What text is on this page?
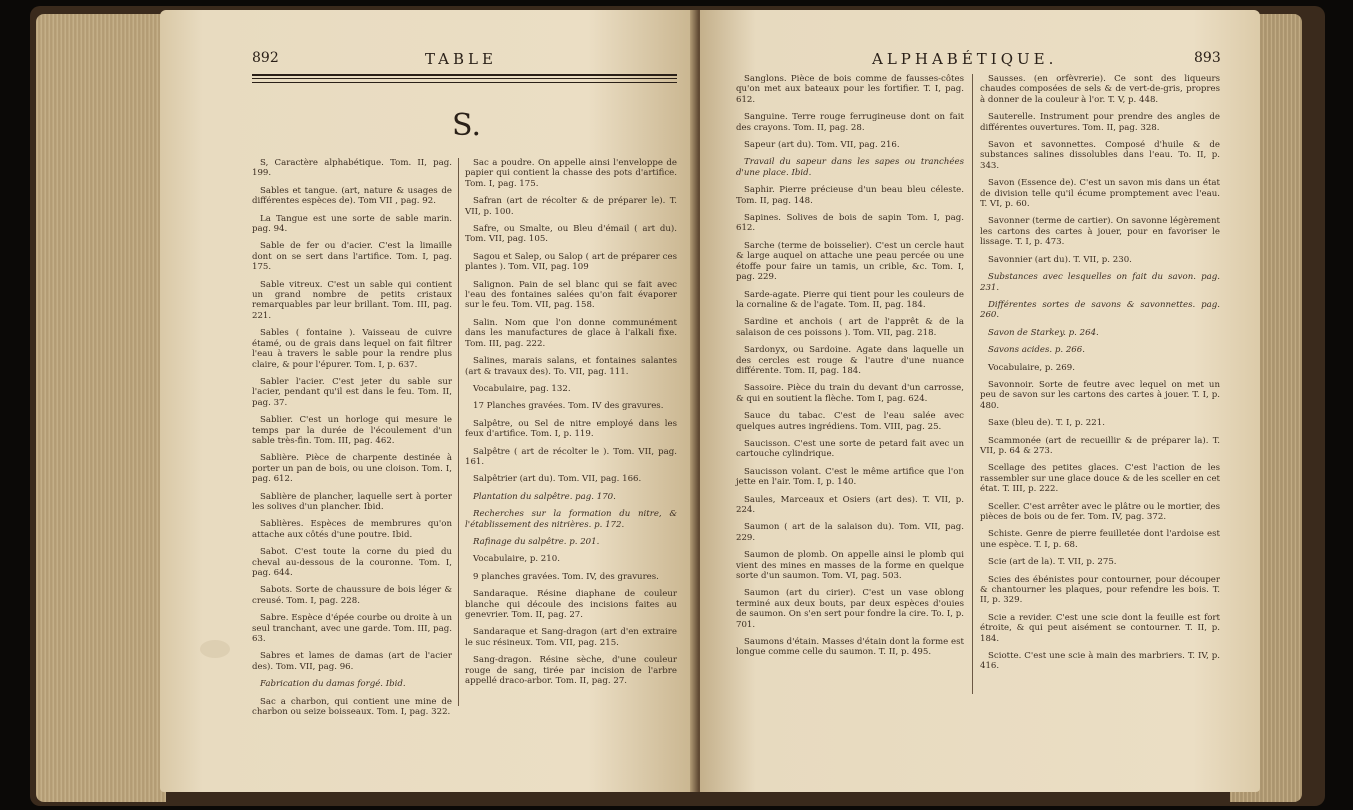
892	TABLE
S.

S, Caractère alphabétique. Tom. II, pag. 199.

Sables et tangue. (art, nature & usages de différentes espèces de). Tom VII , pag. 92.

La Tangue est une sorte de sable marin. pag. 94.

Sable de fer ou d'acier. C'est la limaille dont on se sert dans l'artifice. Tom. I, pag. 175.

Sable vitreux. C'est un sable qui contient un grand nombre de petits cristaux remarquables par leur brillant. Tom. III, pag. 221.

Sables ( fontaine ). Vaisseau de cuivre étamé, ou de grais dans lequel on fait filtrer l'eau à travers le sable pour la rendre plus claire, & pour l'épurer. Tom. I, p. 637.

Sabler l'acier. C'est jeter du sable sur l'acier, pendant qu'il est dans le feu. Tom. II, pag. 37.

Sablier. C'est un horloge qui mesure le temps par la durée de l'écoulement d'un sable très-fin. Tom. III, pag. 462.

Sablière. Pièce de charpente destinée à porter un pan de bois, ou une cloison. Tom. I, pag. 612.

Sablière de plancher, laquelle sert à porter les solives d'un plancher. Ibid.

Sablières. Espèces de membrures qu'on attache aux côtés d'une poutre. Ibid.

Sabot. C'est toute la corne du pied du cheval au-dessous de la couronne. Tom. I, pag. 644.

Sabots. Sorte de chaussure de bois léger & creusé. Tom. I, pag. 228.

Sabre. Espèce d'épée courbe ou droite à un seul tranchant, avec une garde. Tom. III, pag. 63.

Sabres et lames de damas (art de l'acier des). Tom. VII, pag. 96.

Fabrication du damas forgé. Ibid.

Sac a charbon, qui contient une mine de charbon ou seize boisseaux. Tom. I, pag. 322.

Sac a poudre. On appelle ainsi l'enveloppe de papier qui contient la chasse des pots d'artifice. Tom. I, pag. 175.

Safran (art de récolter & de préparer le). T. VII, p. 100.

Safre, ou Smalte, ou Bleu d'émail ( art du). Tom. VII, pag. 105.

Sagou et Salep, ou Salop ( art de préparer ces plantes ). Tom. VII, pag. 109

Salignon. Pain de sel blanc qui se fait avec l'eau des fontaines salées qu'on fait évaporer sur le feu. Tom. VII, pag. 158.

Salin. Nom que l'on donne communément dans les manufactures de glace à l'alkali fixe. Tom. III, pag. 222.

Salines, marais salans, et fontaines salantes (art & travaux des). To. VII, pag. 111.

Vocabulaire, pag. 132.

17 Planches gravées. Tom. IV des gravures.

Salpêtre, ou Sel de nitre employé dans les feux d'artifice. Tom. I, p. 119.

Salpêtre ( art de récolter le ). Tom. VII, pag. 161.

Salpêtrier (art du). Tom. VII, pag. 166.

Plantation du salpêtre. pag. 170.

Recherches sur la formation du nitre, & l'établissement des nitrières. p. 172.

Rafinage du salpêtre. p. 201.

Vocabulaire, p. 210.

9 planches gravées. Tom. IV, des gravures.

Sandaraque. Résine diaphane de couleur blanche qui découle des incisions faites au genevrier. Tom. II, pag. 27.

Sandaraque et Sang-dragon (art d'en extraire le suc résineux. Tom. VII, pag. 215.

Sang-dragon. Résine sèche, d'une couleur rouge de sang, tirée par incision de l'arbre appellé draco-arbor. Tom. II, pag. 27.

ALPHABÉTIQUE.	893

Sanglons. Pièce de bois comme de fausses-côtes qu'on met aux bateaux pour les fortifier. T. I, pag. 612.

Sanguine. Terre rouge ferrugineuse dont on fait des crayons. Tom. II, pag. 28.

Sapeur (art du). Tom. VII, pag. 216.

Travail du sapeur dans les sapes ou tranchées d'une place. Ibid.

Saphir. Pierre précieuse d'un beau bleu céleste. Tom. II, pag. 148.

Sapines. Solives de bois de sapin Tom. I, pag. 612.

Sarche (terme de boisselier). C'est un cercle haut & large auquel on attache une peau percée ou une étoffe pour faire un tamis, un crible, &c. Tom. I, pag. 229.

Sarde-agate. Pierre qui tient pour les couleurs de la cornaline & de l'agate. Tom. II, pag. 184.

Sardine et anchois ( art de l'apprêt & de la salaison de ces poissons ). Tom. VII, pag. 218.

Sardonyx, ou Sardoine. Agate dans laquelle un des cercles est rouge & l'autre d'une nuance différente. Tom. II, pag. 184.

Sassoire. Pièce du train du devant d'un carrosse, & qui en soutient la flèche. Tom I, pag. 624.

Sauce du tabac. C'est de l'eau salée avec quelques autres ingrédiens. Tom. VIII, pag. 25.

Saucisson. C'est une sorte de petard fait avec un cartouche cylindrique.

Saucisson volant. C'est le même artifice que l'on jette en l'air. Tom. I, p. 140.

Saules, Marceaux et Osiers (art des). T. VII, p. 224.

Saumon ( art de la salaison du). Tom. VII, pag. 229.

Saumon de plomb. On appelle ainsi le plomb qui vient des mines en masses de la forme en quelque sorte d'un saumon. Tom. VI, pag. 503.

Saumon (art du cirier). C'est un vase oblong terminé aux deux bouts, par deux espèces d'ouies de saumon. On s'en sert pour fondre la cire. To. I, p. 701.

Saumons d'étain. Masses d'étain dont la forme est longue comme celle du saumon. T. II, p. 495.

Sausses. (en orfèvrerie). Ce sont des liqueurs chaudes composées de sels & de vert-de-gris, propres à donner de la couleur à l'or. T. V, p. 448.

Sauterelle. Instrument pour prendre des angles de différentes ouvertures. Tom. II, pag. 328.

Savon et savonnettes. Composé d'huile & de substances salines dissolubles dans l'eau. To. II, p. 343.

Savon (Essence de). C'est un savon mis dans un état de division telle qu'il écume promptement avec l'eau. T. VI, p. 60.

Savonner (terme de cartier). On savonne légèrement les cartons des cartes à jouer, pour en favoriser le lissage. T. I, p. 473.

Savonnier (art du). T. VII, p. 230.

Substances avec lesquelles on fait du savon. pag. 231.

Différentes sortes de savons & savonnettes. pag. 260.

Savon de Starkey. p. 264.

Savons acides. p. 266.

Vocabulaire, p. 269.

Savonnoir. Sorte de feutre avec lequel on met un peu de savon sur les cartons des cartes à jouer. T. I, p. 480.

Saxe (bleu de). T. I, p. 221.

Scammonée (art de recueillir & de préparer la). T. VII, p. 64 & 273.

Scellage des petites glaces. C'est l'action de les rassembler sur une glace douce & de les sceller en cet état. T. III, p. 222.

Sceller. C'est arrêter avec le plâtre ou le mortier, des pièces de bois ou de fer. Tom. IV, pag. 372.

Schiste. Genre de pierre feuilletée dont l'ardoise est une espèce. T. I, p. 68.

Scie (art de la). T. VII, p. 275.

Scies des ébénistes pour contourner, pour découper & chantourner les plaques, pour refendre les bois. T. II, p. 329.

Scie a revider. C'est une scie dont la feuille est fort étroite, & qui peut aisément se contourner. T. II, p. 184.

Sciotte. C'est une scie à main des marbriers. T. IV, p. 416.
